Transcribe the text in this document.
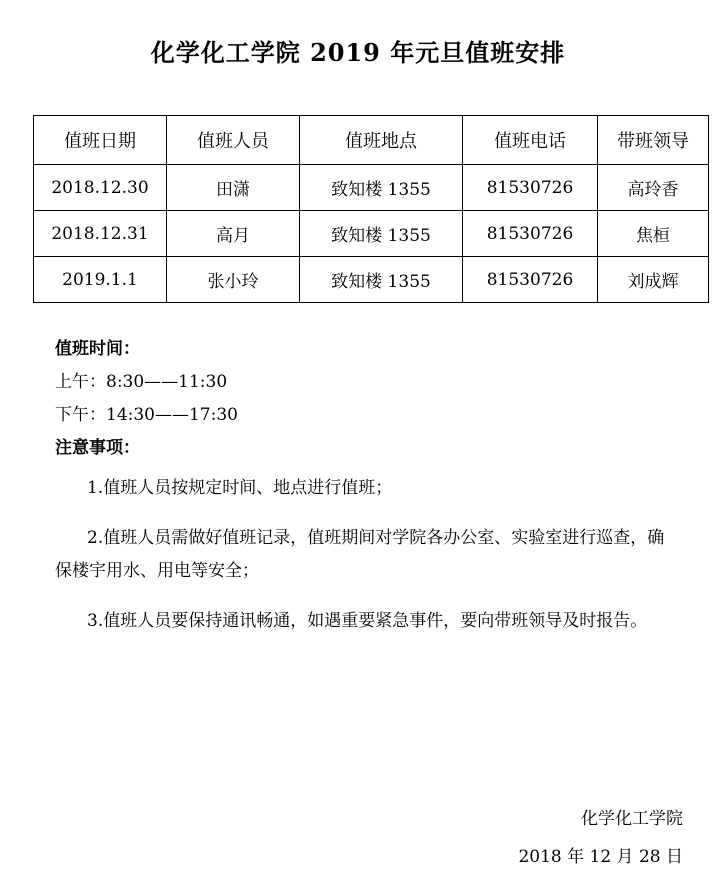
化学化工学院 2019 年元旦值班安排
值班日期	值班人员	值班地点	值班电话	带班领导
2018.12.30	田潇	致知楼 1355	81530726	高玲香
2018.12.31	高月	致知楼 1355	81530726	焦桓
2019.1.1	张小玲	致知楼 1355	81530726	刘成辉

值班时间：

上午：8:30——11:30

下午：14:30——17:30

注意事项：

1.值班人员按规定时间、地点进行值班；

2.值班人员需做好值班记录，值班期间对学院各办公室、实验室进行巡查，确保楼宇用水、用电等安全；

3.值班人员要保持通讯畅通，如遇重要紧急事件，要向带班领导及时报告。

化学化工学院
2018 年 12 月 28 日
